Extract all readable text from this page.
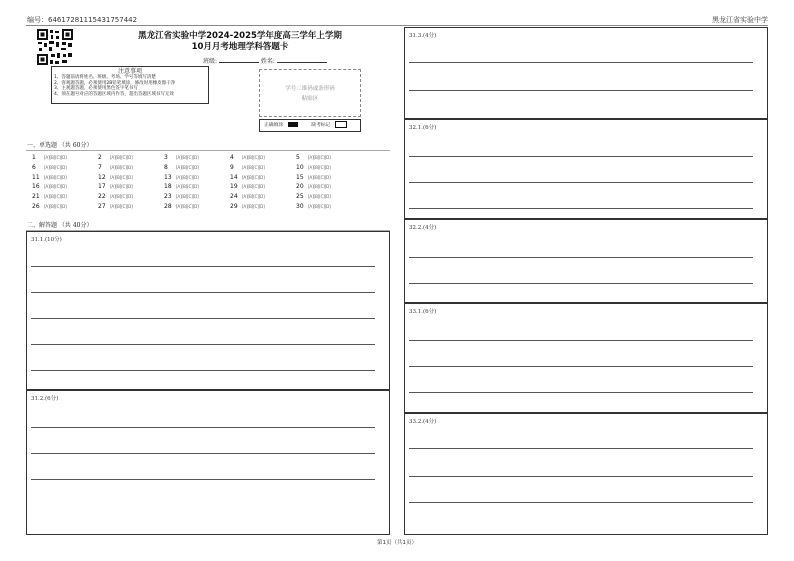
编号：64617281115431757442	黑龙江省实验中学
黑龙江省实验中学2024-2025学年度高三学年上学期
10月月考地理学科答题卡
班级:	姓名:
注意事项

1、答题前请将姓名、班级、考场、学号等填写清楚

2、客观题答题，必须使用2B铅笔填涂，修改时用橡皮擦干净

3、主观题答题，必须使用黑色签字笔书写

4、须在题号对应的答题区域内作答，超出答题区域书写无效

学号二维码或条形码
粘贴区
正确填涂	缺考标记
一、单选题 （共 60分）
1 [A][B][C][D]	2 [A][B][C][D]	3 [A][B][C][D]	4 [A][B][C][D]	5 [A][B][C][D]
6 [A][B][C][D]	7 [A][B][C][D]	8 [A][B][C][D]	9 [A][B][C][D]	10 [A][B][C][D]
11 [A][B][C][D]	12 [A][B][C][D]	13 [A][B][C][D]	14 [A][B][C][D]	15 [A][B][C][D]
16 [A][B][C][D]	17 [A][B][C][D]	18 [A][B][C][D]	19 [A][B][C][D]	20 [A][B][C][D]
21 [A][B][C][D]	22 [A][B][C][D]	23 [A][B][C][D]	24 [A][B][C][D]	25 [A][B][C][D]
26 [A][B][C][D]	27 [A][B][C][D]	28 [A][B][C][D]	29 [A][B][C][D]	30 [A][B][C][D]
二、解答题 （共 40分）
31.1.(10分)
31.2.(6分)
31.3.(4分)
32.1.(6分)
32.2.(4分)
33.1.(6分)
33.2.(4分)
第1页（共1页）
